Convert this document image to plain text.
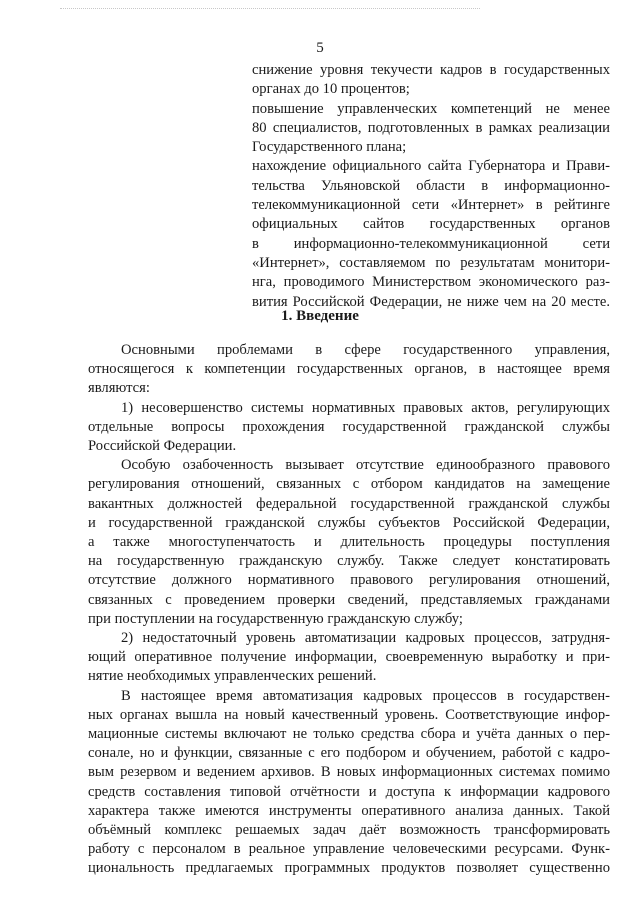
5
снижение уровня текучести кадров в государственных
органах до 10 процентов;
повышение управленческих компетенций не менее
80 специалистов, подготовленных в рамках реализации
Государственного плана;
нахождение официального сайта Губернатора и Прави-
тельства Ульяновской области в информационно-
телекоммуникационной сети «Интернет» в рейтинге
официальных сайтов государственных органов
в информационно-телекоммуникационной сети
«Интернет», составляемом по результатам монитори-
нга, проводимого Министерством экономического раз-
вития Российской Федерации, не ниже чем на 20 месте.
1. Введение
Основными проблемами в сфере государственного управления,
относящегося к компетенции государственных органов, в настоящее время
являются:
1) несовершенство системы нормативных правовых актов, регулирующих
отдельные вопросы прохождения государственной гражданской службы
Российской Федерации.
Особую озабоченность вызывает отсутствие единообразного правового
регулирования отношений, связанных с отбором кандидатов на замещение
вакантных должностей федеральной государственной гражданской службы
и государственной гражданской службы субъектов Российской Федерации,
а также многоступенчатость и длительность процедуры поступления
на государственную гражданскую службу. Также следует констатировать
отсутствие должного нормативного правового регулирования отношений,
связанных с проведением проверки сведений, представляемых гражданами
при поступлении на государственную гражданскую службу;
2) недостаточный уровень автоматизации кадровых процессов, затрудня-
ющий оперативное получение информации, своевременную выработку и при-
нятие необходимых управленческих решений.
В настоящее время автоматизация кадровых процессов в государствен-
ных органах вышла на новый качественный уровень. Соответствующие инфор-
мационные системы включают не только средства сбора и учёта данных о пер-
сонале, но и функции, связанные с его подбором и обучением, работой с кадро-
вым резервом и ведением архивов. В новых информационных системах помимо
средств составления типовой отчётности и доступа к информации кадрового
характера также имеются инструменты оперативного анализа данных. Такой
объёмный комплекс решаемых задач даёт возможность трансформировать
работу с персоналом в реальное управление человеческими ресурсами. Функ-
циональность предлагаемых программных продуктов позволяет существенно
